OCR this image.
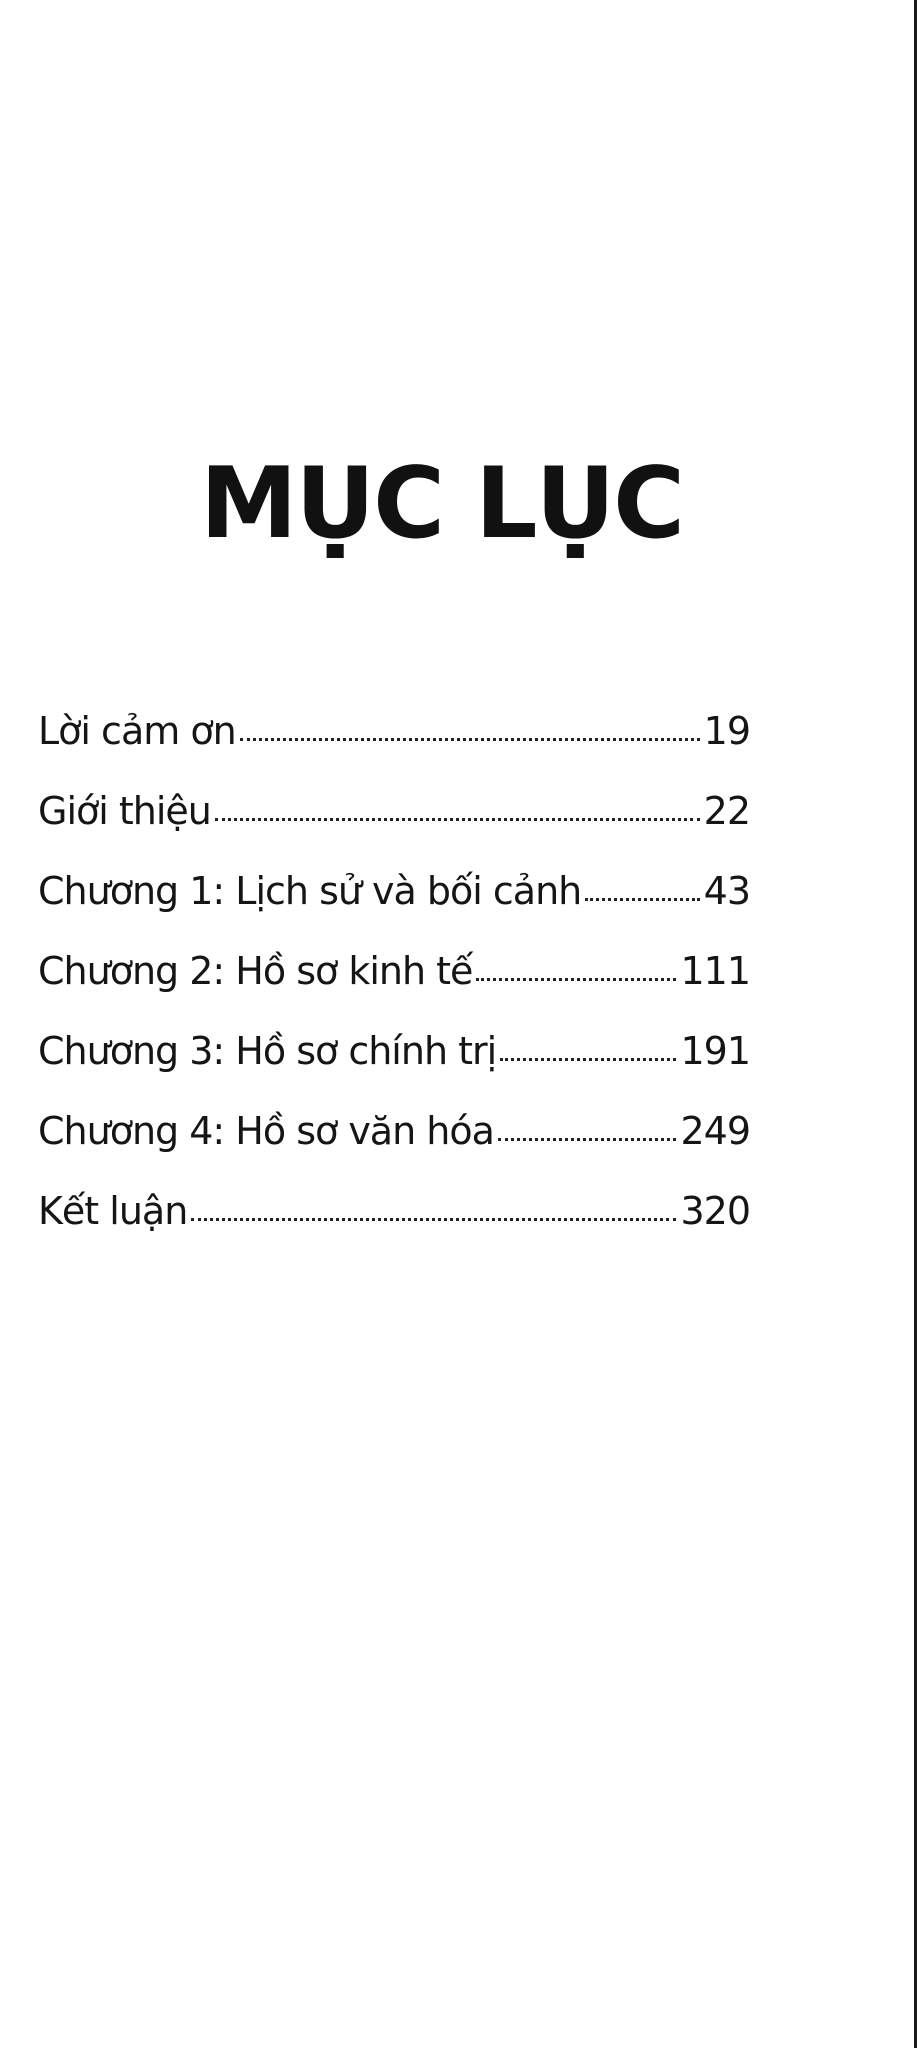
MỤC LỤC
Lời cảm ơn	19
Giới thiệu	22
Chương 1: Lịch sử và bối cảnh	43
Chương 2: Hồ sơ kinh tế	111
Chương 3: Hồ sơ chính trị	191
Chương 4: Hồ sơ văn hóa	249
Kết luận	320
